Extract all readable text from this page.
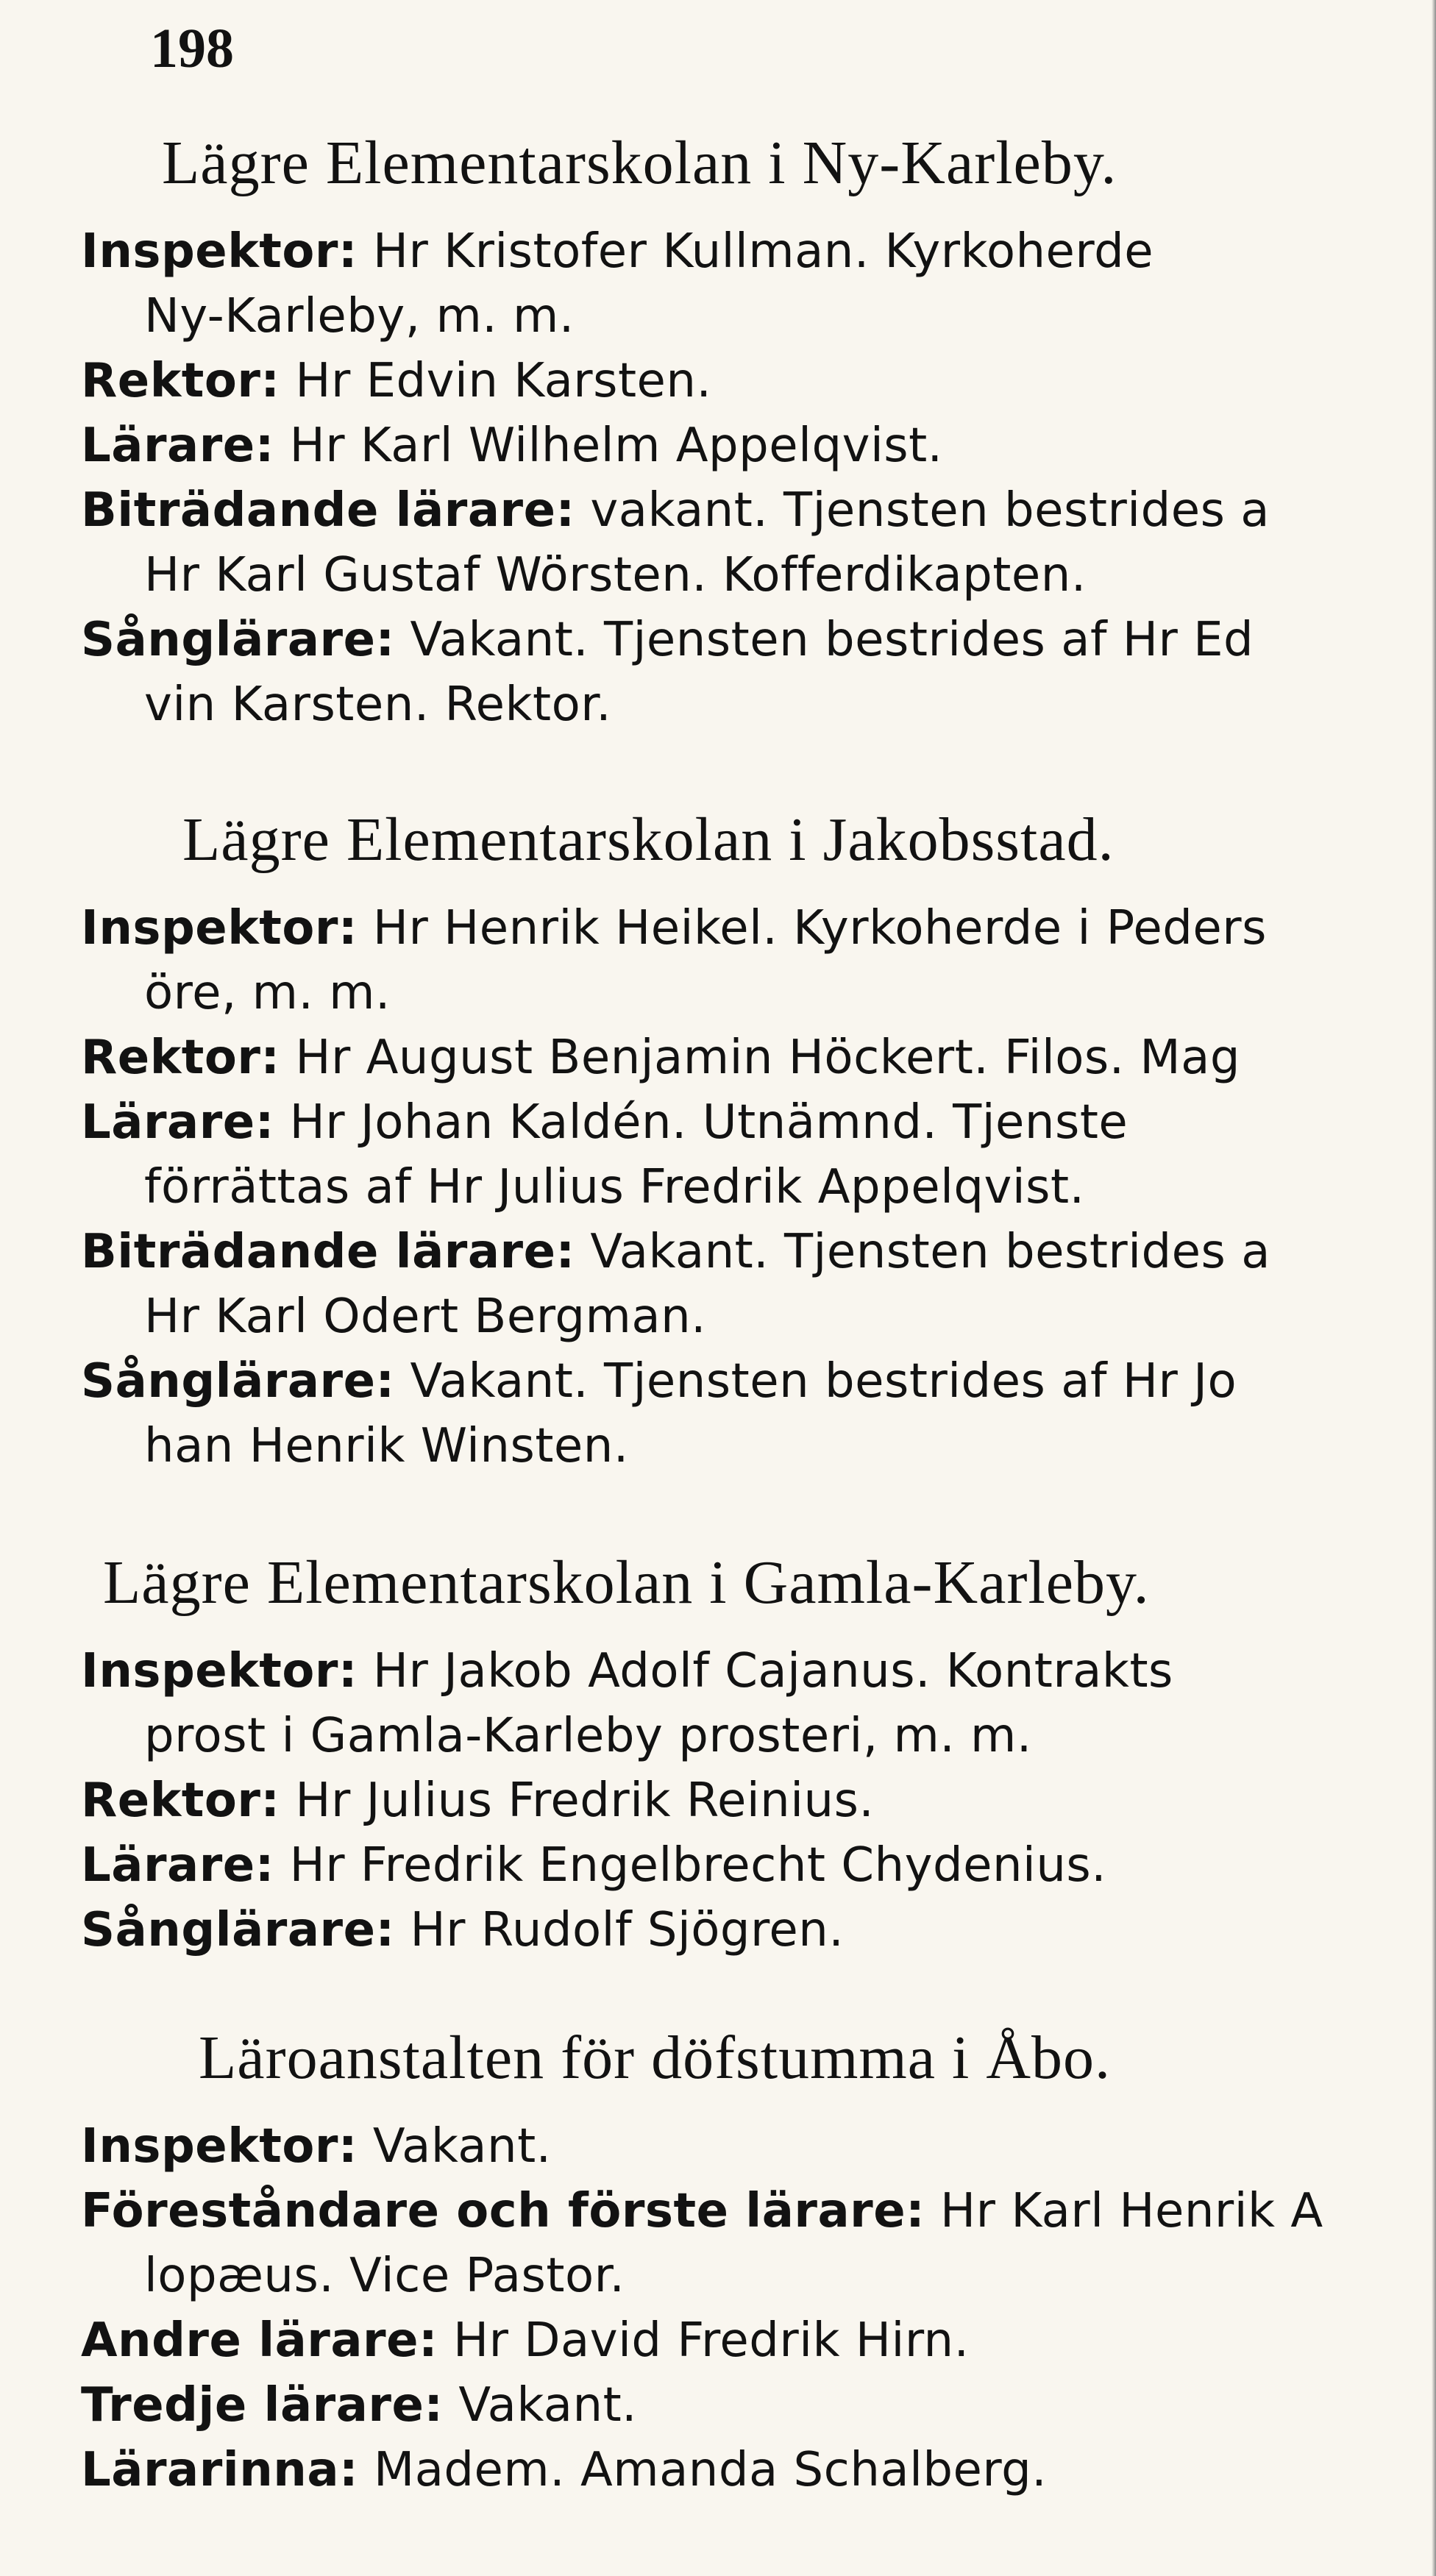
198
Lägre Elementarskolan i Ny-Karleby.
Inspektor: Hr Kristofer Kullman. Kyrkoherde
Ny-Karleby, m. m.
Rektor: Hr Edvin Karsten.
Lärare: Hr Karl Wilhelm Appelqvist.
Biträdande lärare: vakant. Tjensten bestrides a
Hr Karl Gustaf Wörsten. Kofferdikapten.
Sånglärare: Vakant. Tjensten bestrides af Hr Ed
vin Karsten. Rektor.
Lägre Elementarskolan i Jakobsstad.
Inspektor: Hr Henrik Heikel. Kyrkoherde i Peders
öre, m. m.
Rektor: Hr August Benjamin Höckert. Filos. Mag
Lärare: Hr Johan Kaldén. Utnämnd. Tjenste
förrättas af Hr Julius Fredrik Appelqvist.
Biträdande lärare: Vakant. Tjensten bestrides a
Hr Karl Odert Bergman.
Sånglärare: Vakant. Tjensten bestrides af Hr Jo
han Henrik Winsten.
Lägre Elementarskolan i Gamla-Karleby.
Inspektor: Hr Jakob Adolf Cajanus. Kontrakts
prost i Gamla-Karleby prosteri, m. m.
Rektor: Hr Julius Fredrik Reinius.
Lärare: Hr Fredrik Engelbrecht Chydenius.
Sånglärare: Hr Rudolf Sjögren.
Läroanstalten för döfstumma i Åbo.
Inspektor: Vakant.
Föreståndare och förste lärare: Hr Karl Henrik A
lopæus. Vice Pastor.
Andre lärare: Hr David Fredrik Hirn.
Tredje lärare: Vakant.
Lärarinna: Madem. Amanda Schalberg.
